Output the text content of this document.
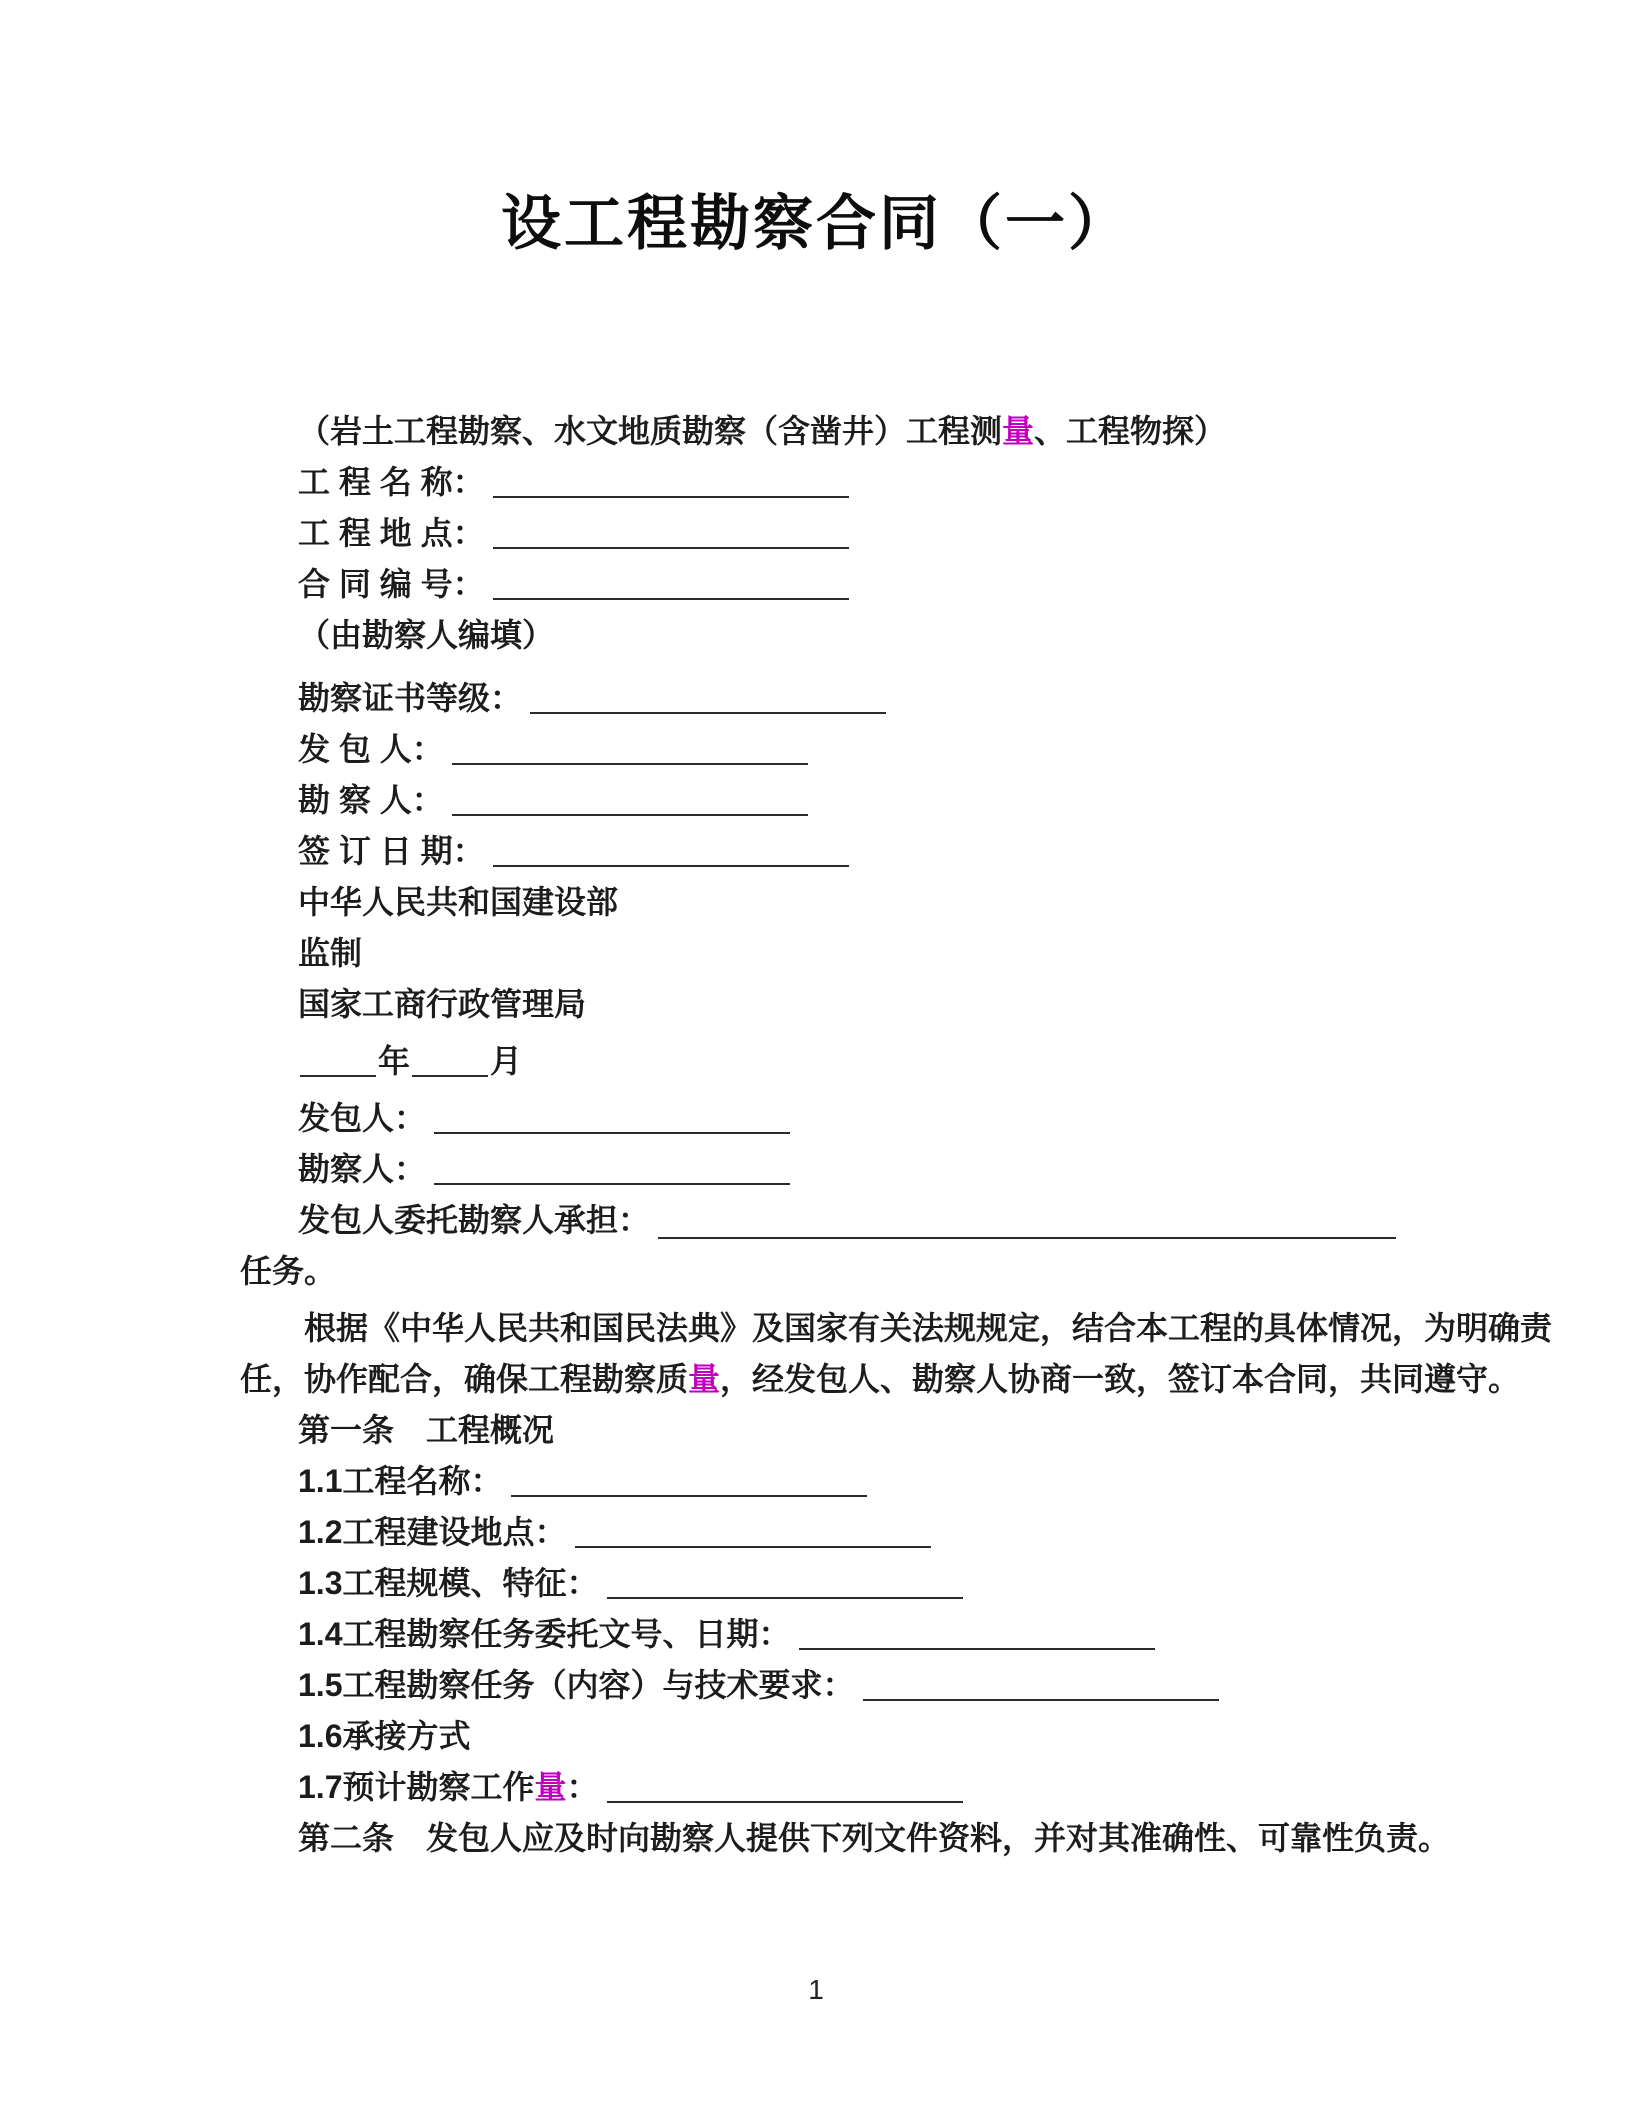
设工程勘察合同（一）

（岩土工程勘察、水文地质勘察（含凿井）工程测量、工程物探）

工 程 名 称：

工 程 地 点：

合 同 编 号：

（由勘察人编填）

勘察证书等级：

发 包 人：

勘 察 人：

签 订 日 期：

中华人民共和国建设部

监制

国家工商行政管理局

年	月

发包人：

勘察人：

发包人委托勘察人承担：

任务。

根据《中华人民共和国民法典》及国家有关法规规定，结合本工程的具体情况，为明确责

任，协作配合，确保工程勘察质量，经发包人、勘察人协商一致，签订本合同，共同遵守。

第一条　工程概况

1.1工程名称：

1.2工程建设地点：

1.3工程规模、特征：

1.4工程勘察任务委托文号、日期：

1.5工程勘察任务（内容）与技术要求：

1.6承接方式

1.7预计勘察工作量：

第二条　发包人应及时向勘察人提供下列文件资料，并对其准确性、可靠性负责。

1
